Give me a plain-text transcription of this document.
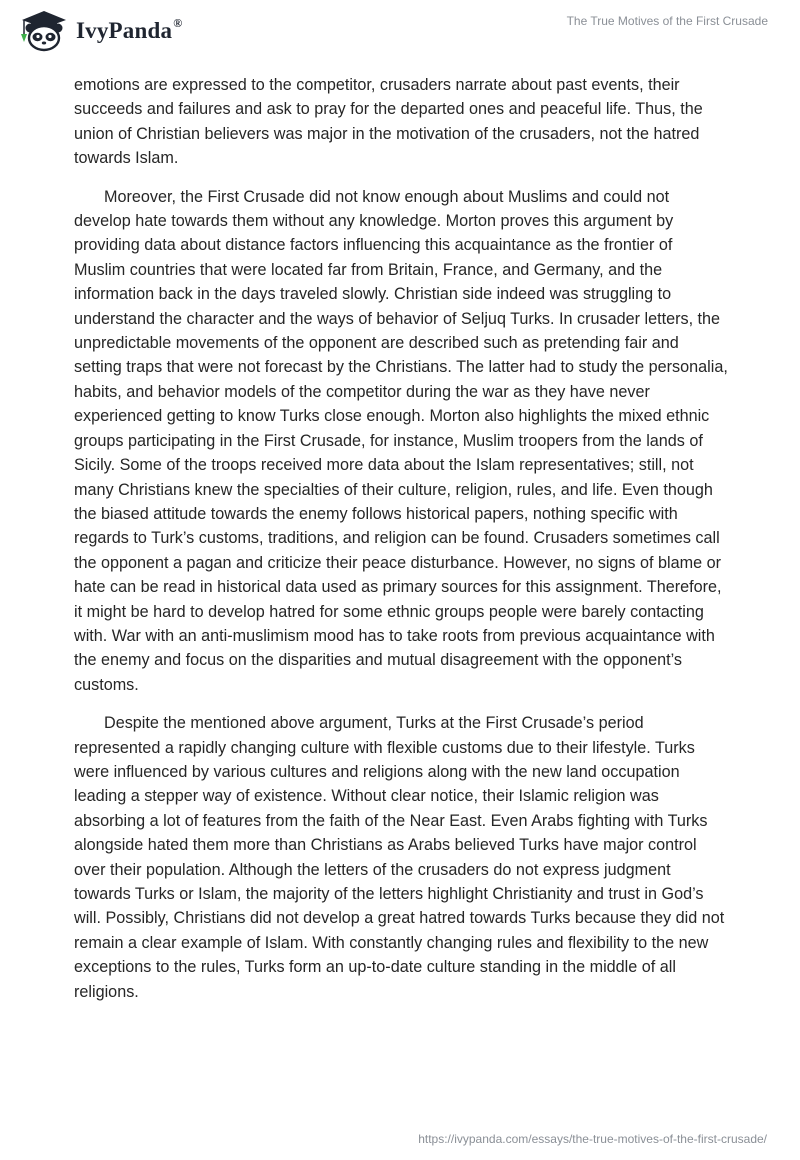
IvyPanda®	The True Motives of the First Crusade

emotions are expressed to the competitor, crusaders narrate about past events, their succeeds and failures and ask to pray for the departed ones and peaceful life. Thus, the union of Christian believers was major in the motivation of the crusaders, not the hatred towards Islam.

Moreover, the First Crusade did not know enough about Muslims and could not develop hate towards them without any knowledge. Morton proves this argument by providing data about distance factors influencing this acquaintance as the frontier of Muslim countries that were located far from Britain, France, and Germany, and the information back in the days traveled slowly. Christian side indeed was struggling to understand the character and the ways of behavior of Seljuq Turks. In crusader letters, the unpredictable movements of the opponent are described such as pretending fair and setting traps that were not forecast by the Christians. The latter had to study the personalia, habits, and behavior models of the competitor during the war as they have never experienced getting to know Turks close enough. Morton also highlights the mixed ethnic groups participating in the First Crusade, for instance, Muslim troopers from the lands of Sicily. Some of the troops received more data about the Islam representatives; still, not many Christians knew the specialties of their culture, religion, rules, and life. Even though the biased attitude towards the enemy follows historical papers, nothing specific with regards to Turk’s customs, traditions, and religion can be found. Crusaders sometimes call the opponent a pagan and criticize their peace disturbance. However, no signs of blame or hate can be read in historical data used as primary sources for this assignment. Therefore, it might be hard to develop hatred for some ethnic groups people were barely contacting with. War with an anti-muslimism mood has to take roots from previous acquaintance with the enemy and focus on the disparities and mutual disagreement with the opponent’s customs.

Despite the mentioned above argument, Turks at the First Crusade’s period represented a rapidly changing culture with flexible customs due to their lifestyle. Turks were influenced by various cultures and religions along with the new land occupation leading a stepper way of existence. Without clear notice, their Islamic religion was absorbing a lot of features from the faith of the Near East. Even Arabs fighting with Turks alongside hated them more than Christians as Arabs believed Turks have major control over their population. Although the letters of the crusaders do not express judgment towards Turks or Islam, the majority of the letters highlight Christianity and trust in God’s will. Possibly, Christians did not develop a great hatred towards Turks because they did not remain a clear example of Islam. With constantly changing rules and flexibility to the new exceptions to the rules, Turks form an up-to-date culture standing in the middle of all religions.

https://ivypanda.com/essays/the-true-motives-of-the-first-crusade/
